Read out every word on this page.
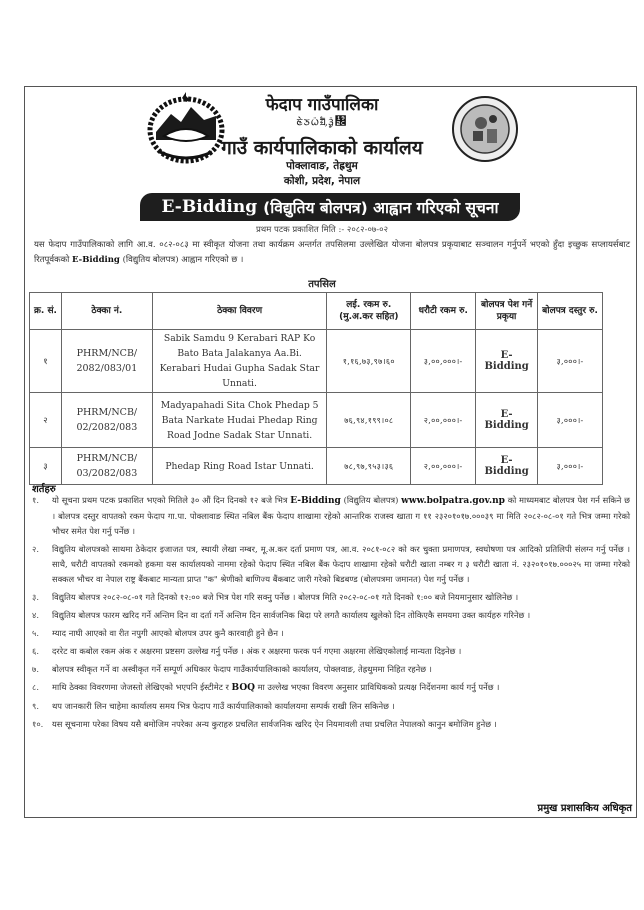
फेदाप गाउँपालिका
ᤇᤧᤍᤐ᤺ᤀᤠ᤹ᤋᤢ᤺᤬
गाउँ कार्यपालिकाको कार्यालय
पोक्लावाङ, तेह्रथुम
कोशी, प्रदेश, नेपाल
E-Bidding (विद्युतिय बोलपत्र) आह्वान गरिएको सूचना
प्रथम पटक प्रकाशित मिति :- २०८२-०७-०२
यस फेदाप गाउँपालिकाको लागि आ.व. ०८२-०८३ मा स्वीकृत योजना तथा कार्यक्रम अन्तर्गत तपसिलमा उल्लेखित योजना बोलपत्र प्रकृयाबाट सञ्चालन गर्नुपर्ने भएको हुँदा इच्छुक सप्लायर्सबाट रितपूर्वकको E-Bidding (विद्युतिय बोलपत्र) आह्वान गरिएको छ ।
तपसिल
क्र. सं.	ठेक्का नं.	ठेक्का विवरण	लई. रकम रु. (मु.अ.कर सहित)	धरौटी रकम रु.	बोलपत्र पेश गर्ने प्रकृया	बोलपत्र दस्तुर रु.
१	PHRM/NCB/ 2082/083/01	Sabik Samdu 9 Kerabari RAP Ko Bato Bata Jalakanya Aa.Bi. Kerabari Hudai Gupha Sadak Star Unnati.	१,१६,७३,९७।६०	३,००,०००।-	E-Bidding	३,०००।-
२	PHRM/NCB/ 02/2082/083	Madyapahadi Sita Chok Phedap 5 Bata Narkate Hudai Phedap Ring Road Jodne Sadak Star Unnati.	७६,९४,१९९।०८	२,००,०००।-	E-Bidding	३,०००।-
३	PHRM/NCB/ 03/2082/083	Phedap Ring Road Istar Unnati.	७८,९७,९५३।३६	२,००,०००।-	E-Bidding	३,०००।-
शर्तहरु
१.	यो सूचना प्रथम पटक प्रकाशित भएको मितिले ३० औं दिन दिनको १२ बजे भित्र E-Bidding (विद्युतिय बोलपत्र) www.bolpatra.gov.np को माध्यमबाट बोलपत्र पेश गर्न सकिने छ । बोलपत्र दस्तुर वापतको रकम फेदाप गा.पा. पोक्लावाङ स्थित नबिल बैंक फेदाप शाखामा रहेको आन्तरिक राजस्व खाता ग ११ २३२०१०१७.०००३९ मा मिति २०८२-०८-०१ गते भित्र जम्मा गरेको भौचर समेत पेश गर्नु पर्नेछ ।
२.	विद्युतिय बोलपत्रको साथमा ठेकेदार इजाजत पत्र, स्थायी लेखा नम्बर, मू.अ.कर दर्ता प्रमाण पत्र, आ.व. २०८१-०८२ को कर चुक्ता प्रमाणपत्र, स्वघोषणा पत्र आदिको प्रतिलिपी संलग्न गर्नु पर्नेछ । साथै, धरौटी वापतको रकमको हकमा यस कार्यालयको नाममा रहेको फेदाप स्थित नबिल बैंक फेदाप शाखामा रहेको धरौटी खाता नम्बर ग ३ धरौटी खाता नं. २३२०१०१७.०००२५ मा जम्मा गरेको सक्कल भौचर वा नेपाल राष्ट्र बैंकबाट मान्यता प्राप्त "क" श्रेणीको बाणिज्य बैंकबाट जारी गरेको बिडबण्ड (बोलपत्रमा जमानत) पेश गर्नु पर्नेछ ।
३.	विद्युतिय बोलपत्र २०८२-०८-०१ गते दिनको १२:०० बजे भित्र पेश गरि सक्नु पर्नेछ । बोलपत्र मिति २०८२-०८-०१ गते दिनको १:०० बजे नियमानुसार खोलिनेछ ।
४.	विद्युतिय बोलपत्र फारम खरिद गर्ने अन्तिम दिन वा दर्ता गर्ने अन्तिम दिन सार्वजनिक बिदा परे लगतै कार्यालय खुलेको दिन तोकिएकै समयमा उक्त कार्यहरु गरिनेछ ।
५.	म्याद नाघी आएको वा रीत नपुगी आएको बोलपत्र उपर कुनै कारवाही हुने छैन ।
६.	दररेट वा कबोल रकम अंक र अक्षरमा प्रष्टसग उल्लेख गर्नु पर्नेछ । अंक र अक्षरमा फरक पर्न गएमा अक्षरमा लेखिएकोलाई मान्यता दिइनेछ ।
७.	बोलपत्र स्वीकृत गर्ने वा अस्वीकृत गर्ने सम्पूर्ण अधिकार फेदाप गाउँकार्यपालिकाको कार्यालय, पोक्लवाङ, तेह्रथुममा निहित रहनेछ ।
८.	माथि ठेक्का विवरणमा जेजस्तो लेखिएको भएपनि ईस्टीमेट र BOQ मा उल्लेख भएका विवरण अनुसार प्राविधिकको प्रत्यक्ष निर्देशनमा कार्य गर्नु पर्नेछ ।
९.	थप जानकारी लिन चाहेमा कार्यालय समय भित्र फेदाप गाउँ कार्यपालिकाको कार्यालयमा सम्पर्क राखी लिन सकिनेछ ।
१०.	यस सूचनामा परेका विषय यसै बमोजिम नपरेका अन्य कुराहरु प्रचलित सार्वजनिक खरिद ऐन नियमावली तथा प्रचलित नेपालको कानुन बमोजिम हुनेछ ।
प्रमुख प्रशासकिय अधिकृत
